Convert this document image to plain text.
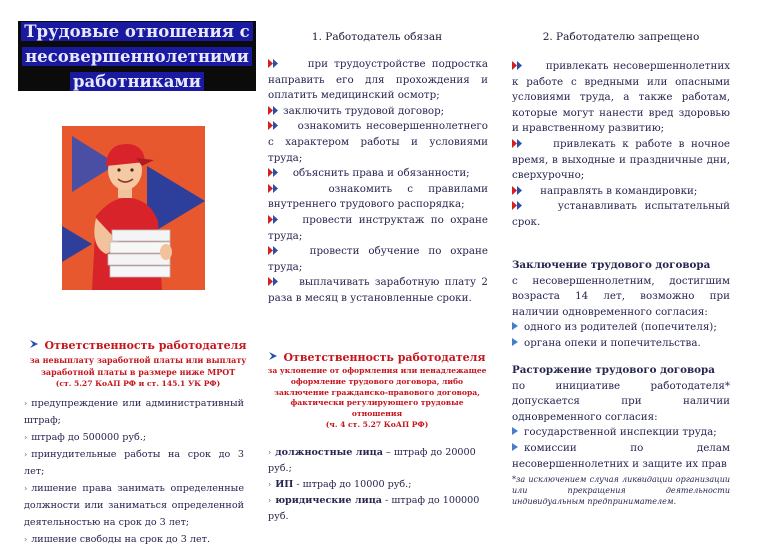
Трудовые отношения с
несовершеннолетними
работниками
Ответственность работодателя
за невыплату заработной платы или выплату
заработной платы в размере ниже МРОТ
(ст. 5.27 КоАП РФ и ст. 145.1 УК РФ)
› предупреждение или административный штраф;
› штраф до 500000 руб.;
› принудительные работы на срок до 3 лет;
› лишение права занимать определенные должности или заниматься определенной деятельностью на срок до 3 лет;
› лишение свободы на срок до 3 лет.
1. Работодатель обязан
при трудоустройстве подростка направить его для прохождения и оплатить медицинский осмотр;
заключить трудовой договор;
ознакомить несовершеннолетнего с характером работы и условиями труда;
объяснить права и обязанности;
ознакомить с правилами внутреннего трудового распорядка;
провести инструктаж по охране труда;
провести обучение по охране труда;
выплачивать заработную плату 2 раза в месяц в установленные сроки.
Ответственность работодателя
за уклонение от оформления или ненадлежащее
оформление трудового договора, либо
заключение гражданско-правового договора,
фактически регулирующего трудовые
отношения
(ч. 4 ст. 5.27 КоАП РФ)
› должностные лица – штраф до 20000 руб.;
› ИП - штраф до 10000 руб.;
› юридические лица - штраф до 100000 руб.
2. Работодателю запрещено
привлекать несовершеннолетних к работе с вредными или опасными условиями труда, а также работам, которые могут нанести вред здоровью и нравственному развитию;
привлекать к работе в ночное время, в выходные и праздничные дни, сверхурочно;
направлять в командировки;
устанавливать испытательный срок.
Заключение трудового договора
с несовершеннолетним, достигшим возраста 14 лет, возможно при наличии одновременного согласия:
одного из родителей (попечителя);
органа опеки и попечительства.
Расторжение трудового договора
по инициативе работодателя* допускается при наличии одновременного согласия:
государственной инспекции труда;
комиссии по делам несовершеннолетних и защите их прав
*за исключением случая ликвидации организации или прекращения деятельности индивидуальным предпринимателем.
